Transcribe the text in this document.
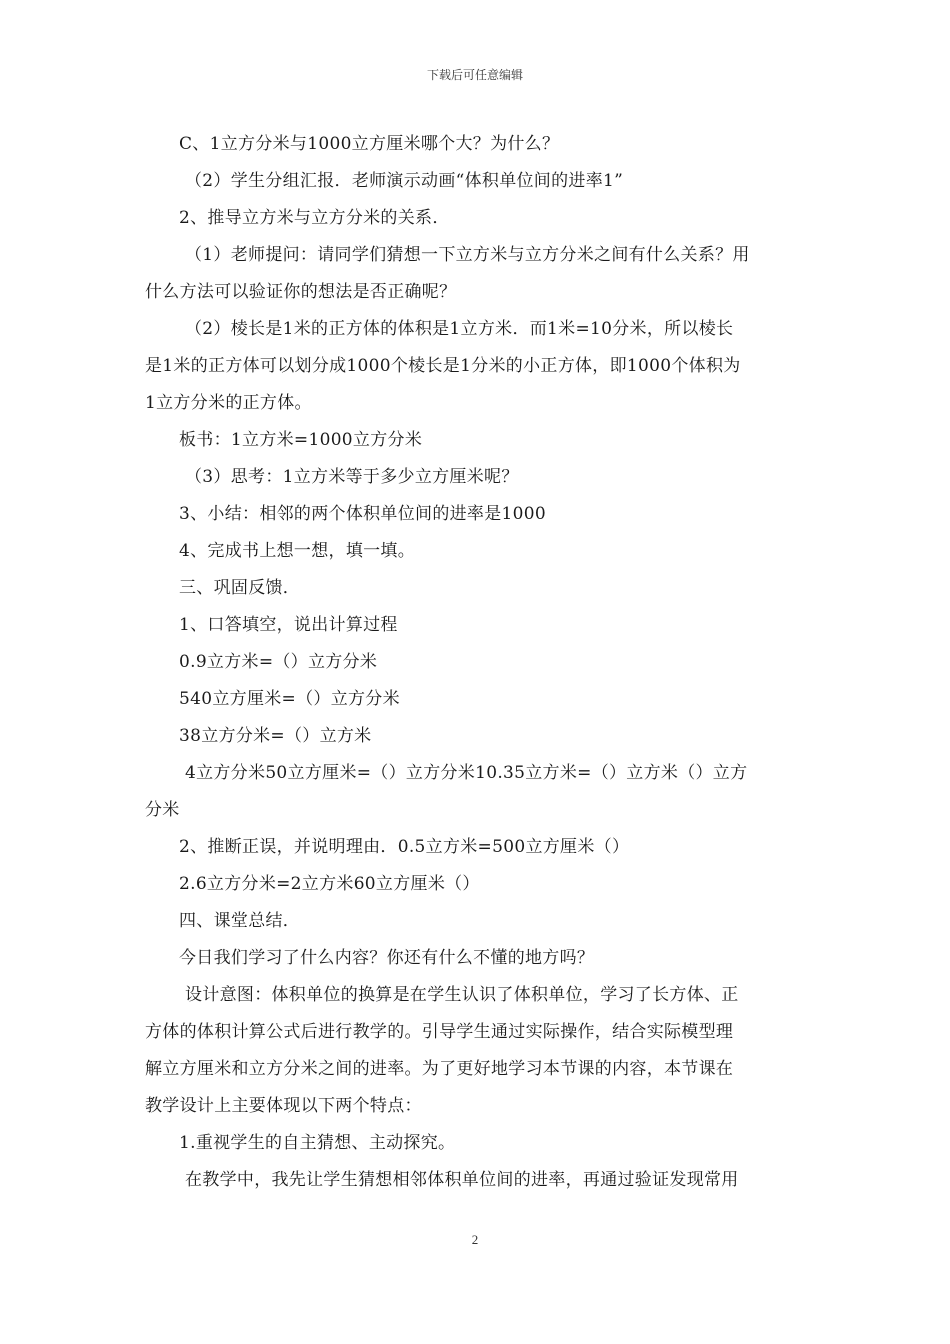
下载后可任意编辑
C、1立方分米与1000立方厘米哪个大？为什么？
（2）学生分组汇报．老师演示动画“体积单位间的进率1”
2、推导立方米与立方分米的关系．
（1）老师提问：请同学们猜想一下立方米与立方分米之间有什么关系？用
什么方法可以验证你的想法是否正确呢？
（2）棱长是1米的正方体的体积是1立方米．而1米=10分米，所以棱长
是1米的正方体可以划分成1000个棱长是1分米的小正方体，即1000个体积为
1立方分米的正方体。
板书：1立方米=1000立方分米
（3）思考：1立方米等于多少立方厘米呢？
3、小结：相邻的两个体积单位间的进率是1000
4、完成书上想一想，填一填。
三、巩固反馈．
1、口答填空，说出计算过程
0.9立方米=（）立方分米
540立方厘米=（）立方分米
38立方分米=（）立方米
4立方分米50立方厘米=（）立方分米10.35立方米=（）立方米（）立方
分米
2、推断正误，并说明理由．0.5立方米=500立方厘米（）
2.6立方分米=2立方米60立方厘米（）
四、课堂总结．
今日我们学习了什么内容？你还有什么不懂的地方吗？
设计意图：体积单位的换算是在学生认识了体积单位，学习了长方体、正
方体的体积计算公式后进行教学的。引导学生通过实际操作，结合实际模型理
解立方厘米和立方分米之间的进率。为了更好地学习本节课的内容，本节课在
教学设计上主要体现以下两个特点：
1.重视学生的自主猜想、主动探究。
在教学中，我先让学生猜想相邻体积单位间的进率，再通过验证发现常用
2
